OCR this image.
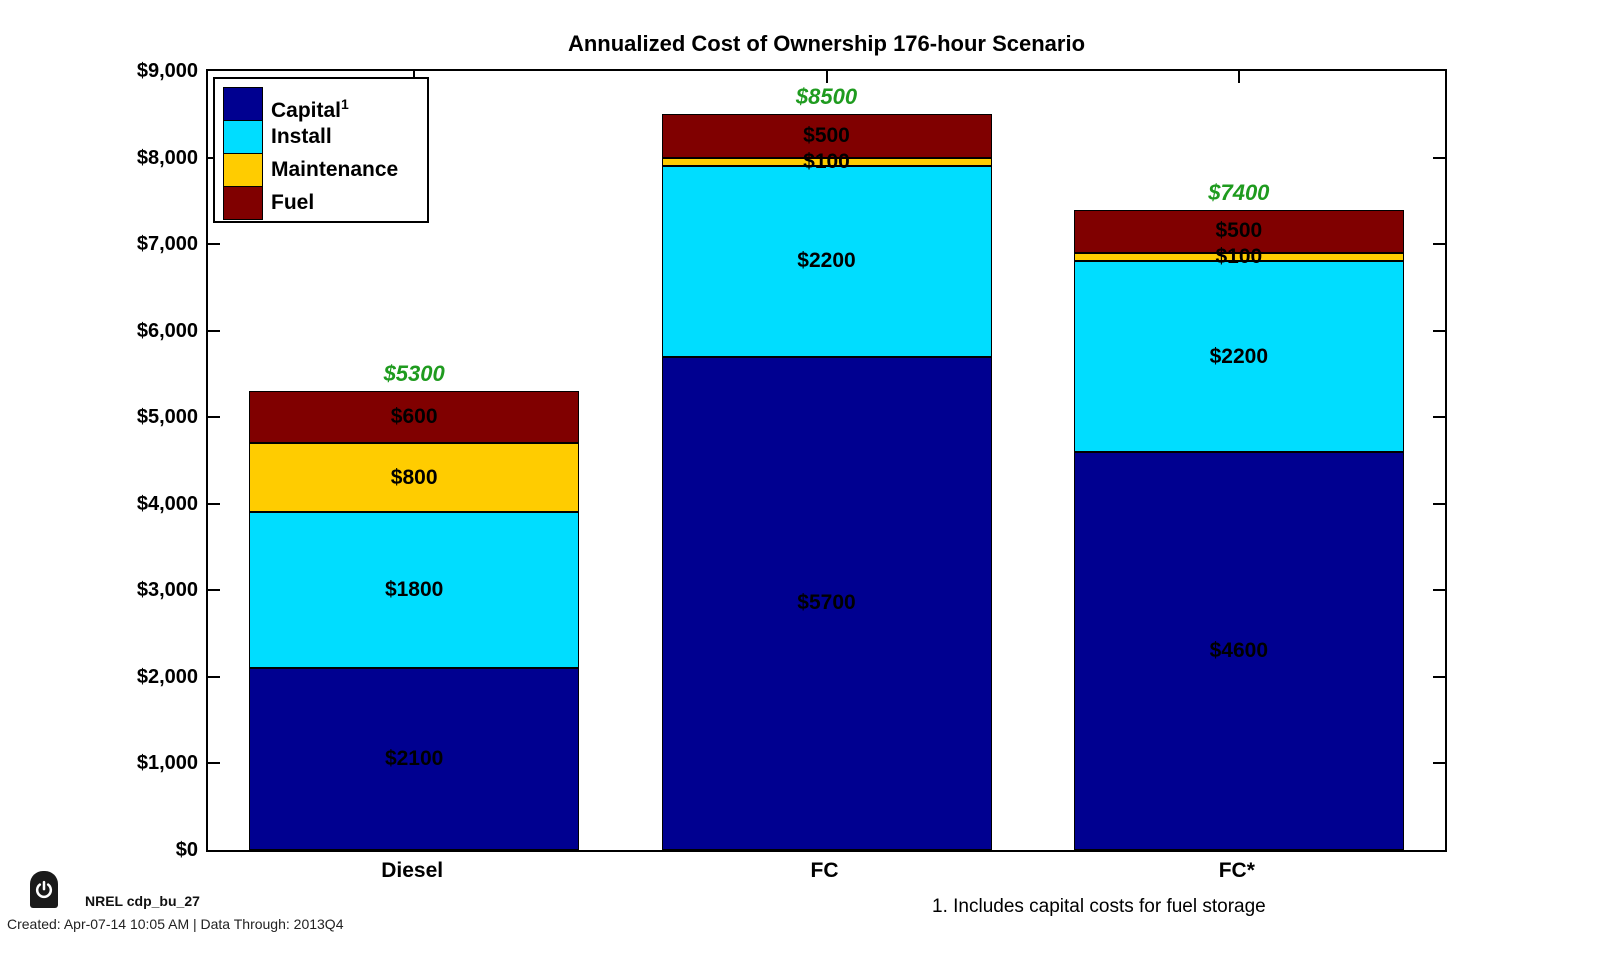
Annualized Cost of Ownership 176-hour Scenario
$2100
$1800
$800
$600
$5300
$5700
$2200
$100
$500
$8500
$4600
$2200
$100
$500
$7400
$0
$1,000
$2,000
$3,000
$4,000
$5,000
$6,000
$7,000
$8,000
$9,000
Diesel	FC	FC*
Capital$^1$
Install
Maintenance
Fuel
1. Includes capital costs for fuel storage
NREL cdp_bu_27
Created: Apr-07-14 10:05 AM | Data Through: 2013Q4
